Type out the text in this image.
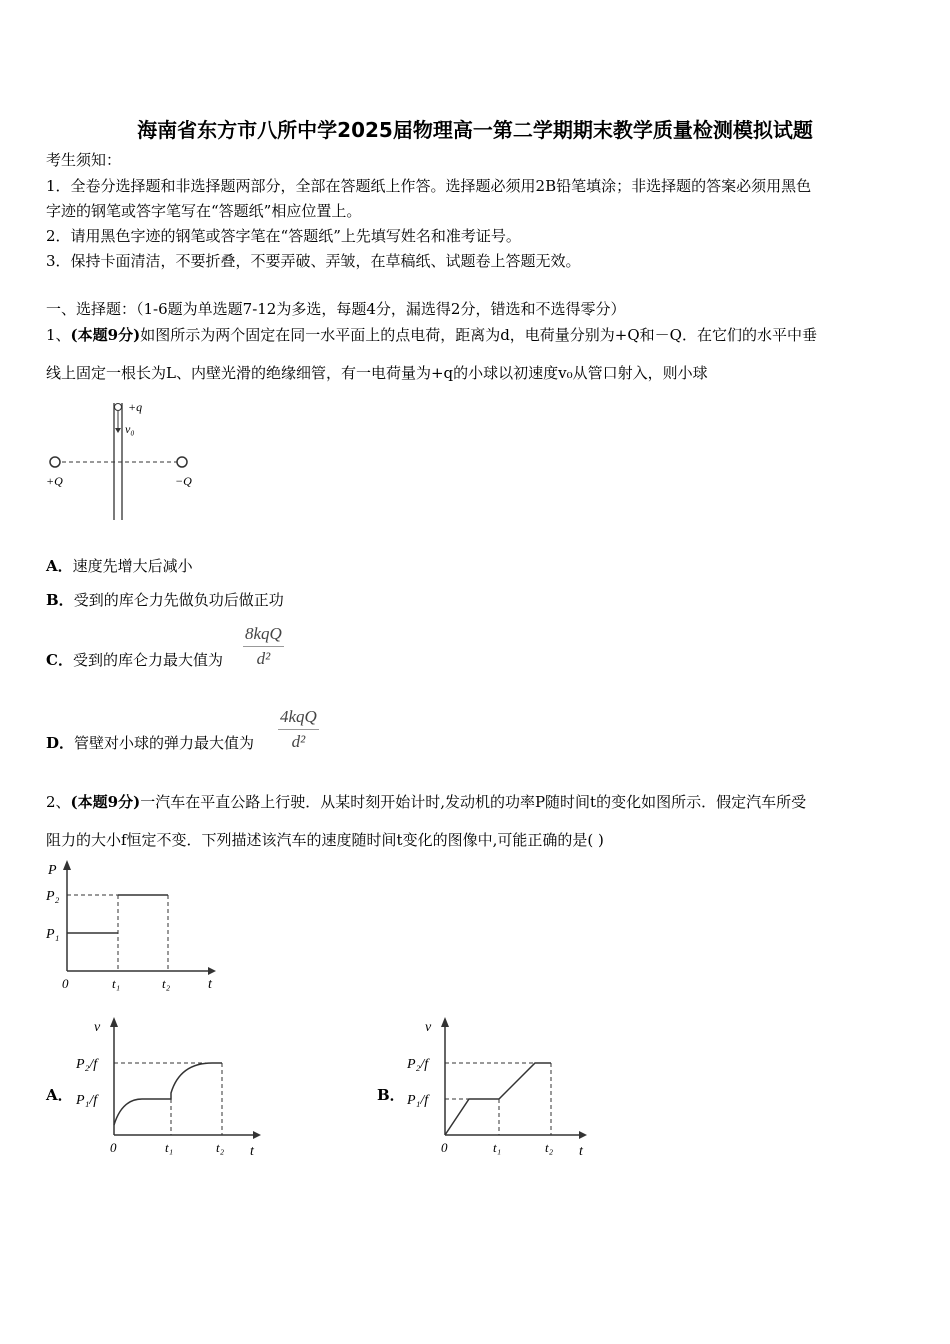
海南省东方市八所中学2025届物理高一第二学期期末教学质量检测模拟试题
考生须知：
1．全卷分选择题和非选择题两部分，全部在答题纸上作答。选择题必须用2B铅笔填涂；非选择题的答案必须用黑色
字迹的钢笔或答字笔写在“答题纸”相应位置上。
2．请用黑色字迹的钢笔或答字笔在“答题纸”上先填写姓名和准考证号。
3．保持卡面清洁，不要折叠，不要弄破、弄皱，在草稿纸、试题卷上答题无效。
一、选择题：（1-6题为单选题7-12为多选，每题4分，漏选得2分，错选和不选得零分）
1、(本题9分)如图所示为两个固定在同一水平面上的点电荷，距离为d，电荷量分别为+Q和－Q．在它们的水平中垂
线上固定一根长为L、内壁光滑的绝缘细管，有一电荷量为+q的小球以初速度v₀从管口射入，则小球
+q
v₀
+Q	−Q
A．速度先增大后减小
B．受到的库仑力先做负功后做正功
C．受到的库仑力最大值为
8kqQ
d²
D．管壁对小球的弹力最大值为
4kqQ
d²
2、(本题9分)一汽车在平直公路上行驶．从某时刻开始计时,发动机的功率P随时间t的变化如图所示．假定汽车所受
阻力的大小f恒定不变．下列描述该汽车的速度随时间t变化的图像中,可能正确的是( )
P
P₂
P₁
0	t₁	t₂	t
A．
v
P₂/f
P₁/f
0	t₁	t₂ t
B．
v
P₂/f
P₁/f
0	t₁	t₂ t
